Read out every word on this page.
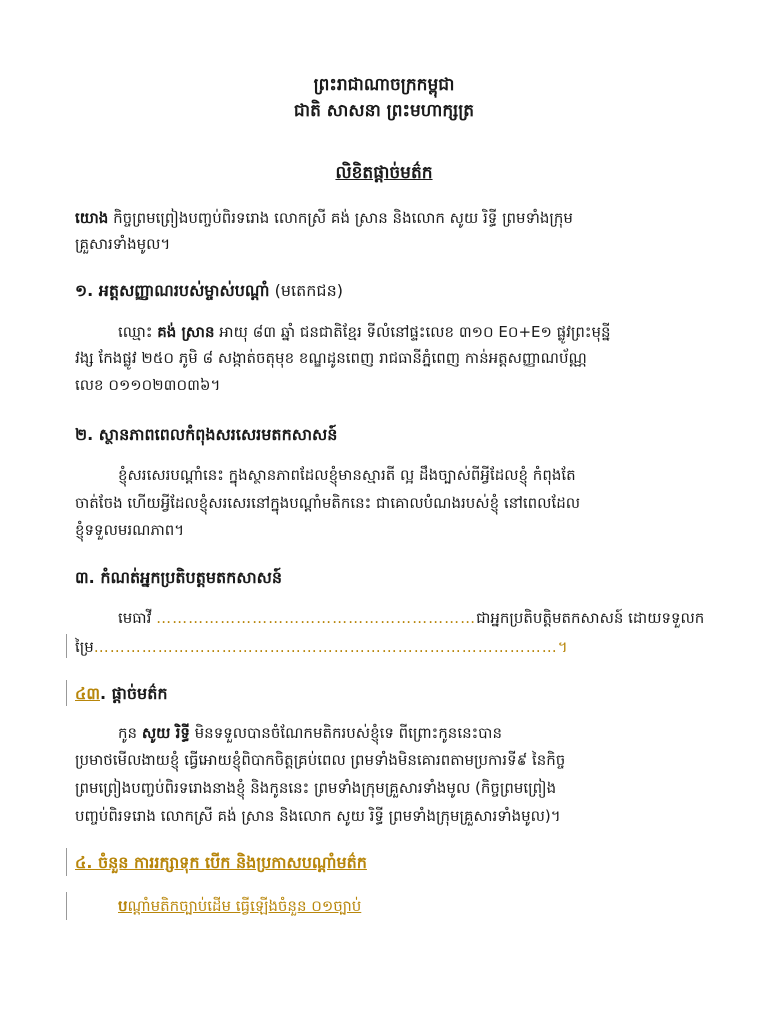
ព្រះរាជាណាចក្រកម្ពុជា
ជាតិ សាសនា ព្រះមហាក្សត្រ
លិខិតផ្ដាច់មត៌ក
យោង កិច្ចព្រមព្រៀងបញ្ចប់ពិរទរោង លោកស្រី គង់ ស្រាន និងលោក សូយ រិទ្ធី ព្រមទាំងក្រុម
គ្រួសារទាំងមូល។
១. អត្តសញ្ញាណរបស់ម្ចាស់បណ្ដាំ (មតេកជន)
ឈ្មោះ គង់ ស្រាន អាយុ ៨៣ ឆ្នាំ ជនជាតិខ្មែរ ទីលំនៅផ្ទះលេខ ៣១០ E០+E១ ផ្លូវព្រះមុន្នី
វង្ស កែងផ្លូវ ២៥០ ភូមិ ៨ សង្កាត់ចតុមុខ ខណ្ឌដូនពេញ រាជធានីភ្នំពេញ កាន់អត្តសញ្ញាណប័ណ្ណ
លេខ ០១១០២៣០៣៦។
២. ស្ថានភាពពេលកំពុងសរសេរមតកសាសន៍
ខ្ញុំសរសេរបណ្ដាំនេះ ក្នុងស្ថានភាពដែលខ្ញុំមានស្មារតី ល្អ ដឹងច្បាស់ពីអ្វីដែលខ្ញុំ កំពុងតែ
ចាត់ចែង ហើយអ្វីដែលខ្ញុំសរសេរនៅក្នុងបណ្ដាំមតិកនេះ ជាគោលបំណងរបស់ខ្ញុំ នៅពេលដែល
ខ្ញុំទទួលមរណភាព។
៣. កំណត់អ្នកប្រតិបត្តមតកសាសន៍
មេធាវី ……………………………………………………ជាអ្នកប្រតិបត្តិមតកសាសន៍ ដោយទទួលក
ម្រៃ……………………………………………………………………………។
៤៣. ផ្ដាច់មត៌ក
កូន សូយ រិទ្ធី មិនទទួលបានចំណែកមតិករបស់ខ្ញុំទេ ពីព្រោះកូននេះបាន
ប្រមាថមើលងាយខ្ញុំ ធ្វើអោយខ្ញុំពិបាកចិត្តគ្រប់ពេល ព្រមទាំងមិនគោរពតាមប្រការទី៩ នៃកិច្ច
ព្រមព្រៀងបញ្ចប់ពិរទរោងនាងខ្ញុំ និងកូននេះ ព្រមទាំងក្រុមគ្រួសារទាំងមូល (កិច្ចព្រមព្រៀង
បញ្ចប់ពិរទរោង លោកស្រី គង់ ស្រាន និងលោក សូយ រិទ្ធី ព្រមទាំងក្រុមគ្រួសារទាំងមូល)។
៤. ចំនួន ការរក្សាទុក បើក និងប្រកាសបណ្ដាំមត៌ក
បណ្ដាំមតិកច្បាប់ដើម ធ្វើឡើងចំនួន ០១ច្បាប់
